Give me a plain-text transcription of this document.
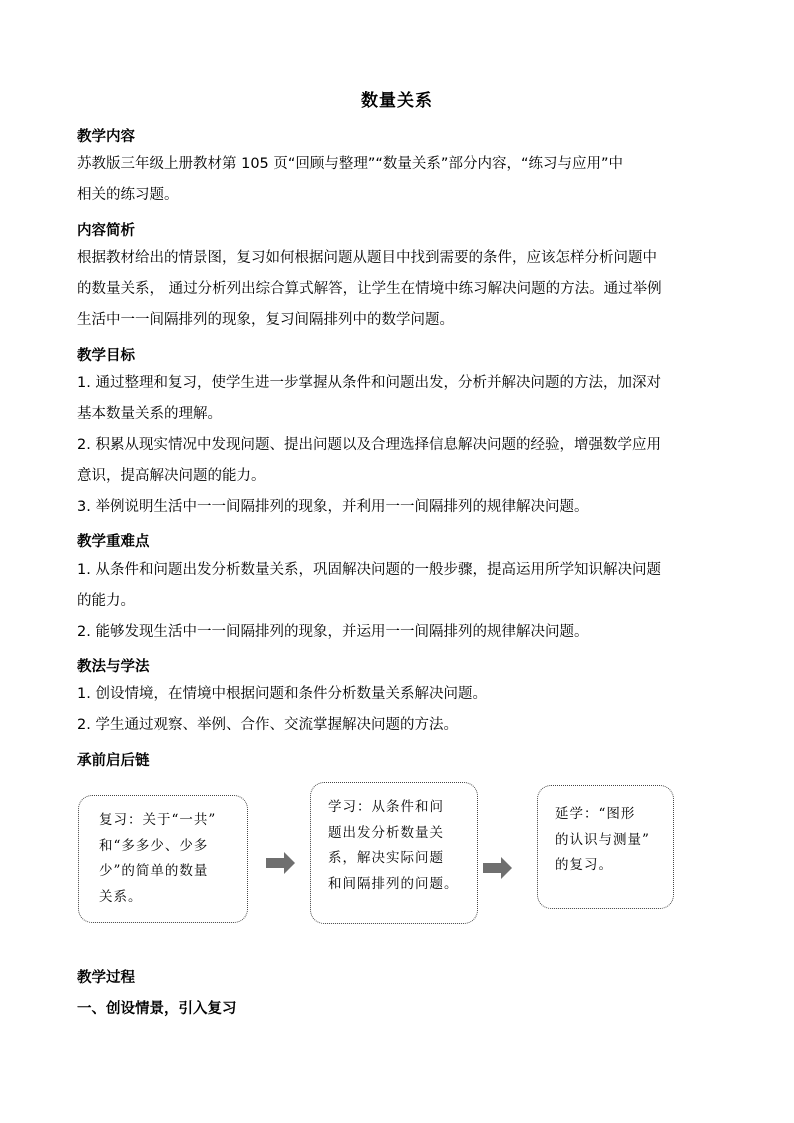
数量关系
教学内容
苏教版三年级上册教材第 105 页“回顾与整理”“数量关系”部分内容，“练习与应用”中
相关的练习题。
内容简析
根据教材给出的情景图，复习如何根据问题从题目中找到需要的条件，应该怎样分析问题中
的数量关系， 通过分析列出综合算式解答，让学生在情境中练习解决问题的方法。通过举例
生活中一一间隔排列的现象，复习间隔排列中的数学问题。
教学目标
1. 通过整理和复习，使学生进一步掌握从条件和问题出发，分析并解决问题的方法，加深对
基本数量关系的理解。
2. 积累从现实情况中发现问题、提出问题以及合理选择信息解决问题的经验，增强数学应用
意识，提高解决问题的能力。
3. 举例说明生活中一一间隔排列的现象，并利用一一间隔排列的规律解决问题。
教学重难点
1. 从条件和问题出发分析数量关系，巩固解决问题的一般步骤，提高运用所学知识解决问题
的能力。
2. 能够发现生活中一一间隔排列的现象，并运用一一间隔排列的规律解决问题。
教法与学法
1. 创设情境，在情境中根据问题和条件分析数量关系解决问题。
2. 学生通过观察、举例、合作、交流掌握解决问题的方法。
承前启后链
复习：关于“一共”
和“多多少、少多
少”的简单的数量
关系。
学习：从条件和问
题出发分析数量关
系，解决实际问题
和间隔排列的问题。
延学：“图形
的认识与测量”
的复习。
教学过程
一、创设情景，引入复习
